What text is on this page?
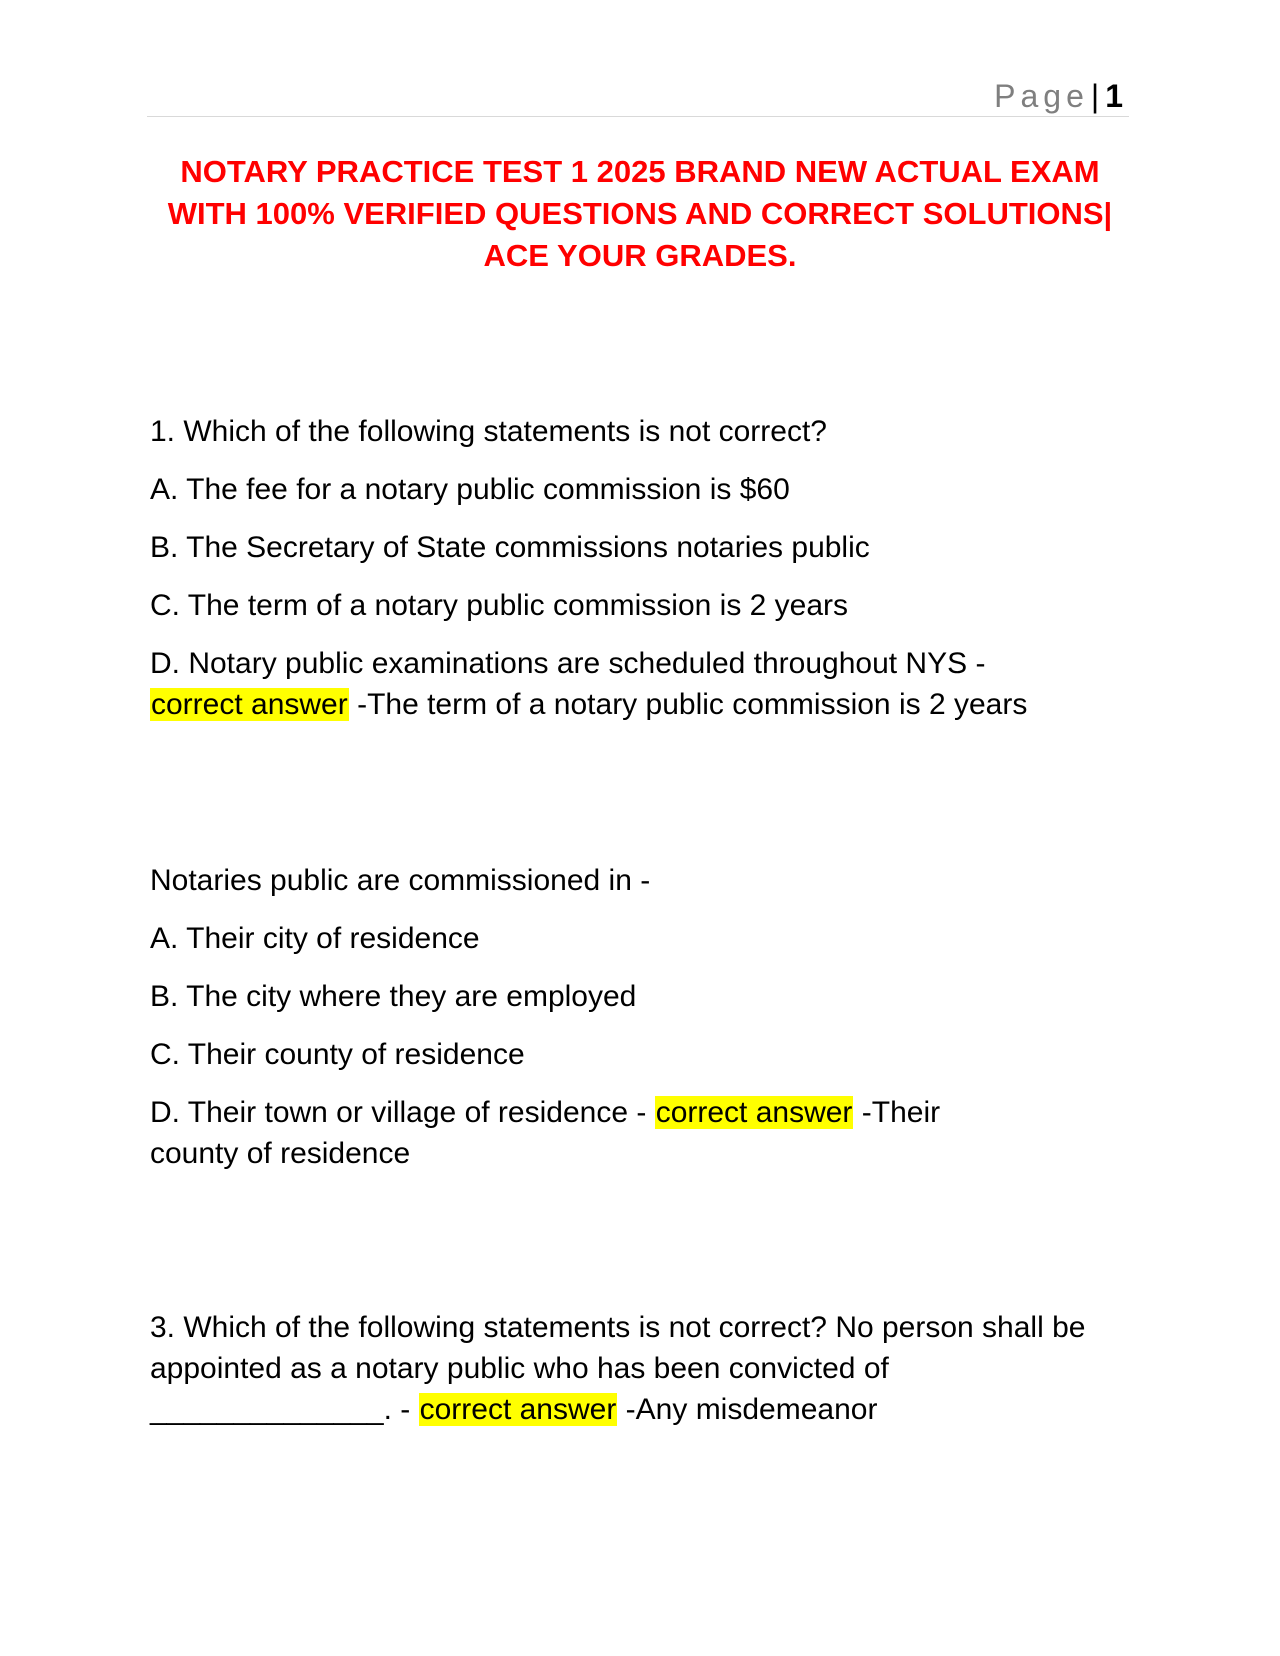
Page| 1
NOTARY PRACTICE TEST 1 2025 BRAND NEW ACTUAL EXAM WITH 100% VERIFIED QUESTIONS AND CORRECT SOLUTIONS| ACE YOUR GRADES.

1. Which of the following statements is not correct?

A. The fee for a notary public commission is $60

B. The Secretary of State commissions notaries public

C. The term of a notary public commission is 2 years

D. Notary public examinations are scheduled throughout NYS -
correct answer -The term of a notary public commission is 2 years

Notaries public are commissioned in -

A. Their city of residence

B. The city where they are employed

C. Their county of residence

D. Their town or village of residence - correct answer -Their county of residence

3. Which of the following statements is not correct? No person shall be appointed as a notary public who has been convicted of ______________. - correct answer -Any misdemeanor
